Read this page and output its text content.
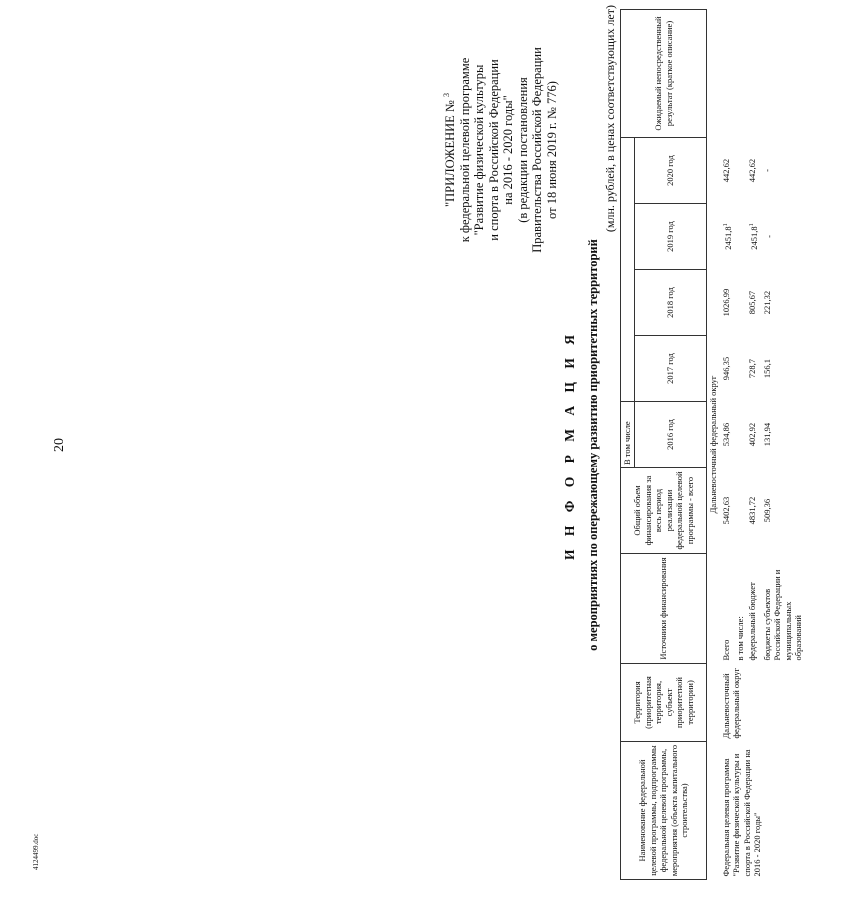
20
4124499.doc
"ПРИЛОЖЕНИЕ № $^3$ к федеральной целевой программе "Развитие физической культуры и спорта в Российской Федерации на 2016 - 2020 годы" (в редакции постановления Правительства Российской Федерации от 18 июня 2019 г. № 776)
И Н Ф О Р М А Ц И Я о мероприятиях по опережающему развитию приоритетных территорий
(млн. рублей, в ценах соответствующих лет)
Наименование федеральной целевой программы, подпрограммы федеральной целевой программы, мероприятия (объекта капитального строительства)	Территория (приоритетная территория, субъект приоритетной территории)	Источники финансирования	Общий объем финансирования за весь период реализации федеральной целевой программы - всего	В том числе					Ожидаемый непосредственный результат (краткое описание)
				2016 год	2017 год	2018 год	2019 год	2020 год	
Дальневосточный федеральный округ									
Федеральная целевая программа "Развитие физической культуры и спорта в Российской Федерации на 2016 - 2020 годы"	Дальневосточный федеральный округ	Всего	5402,63	534,86	946,35	1026,99	2451,8$^1$	442,62	
		в том числе:							
		федеральный бюджет	4831,72	402,92	728,7	805,67	2451,8$^1$	442,62	
		бюджеты субъектов Российской Федерации и муниципальных образований	509,36	131,94	156,1	221,32	-	-	
